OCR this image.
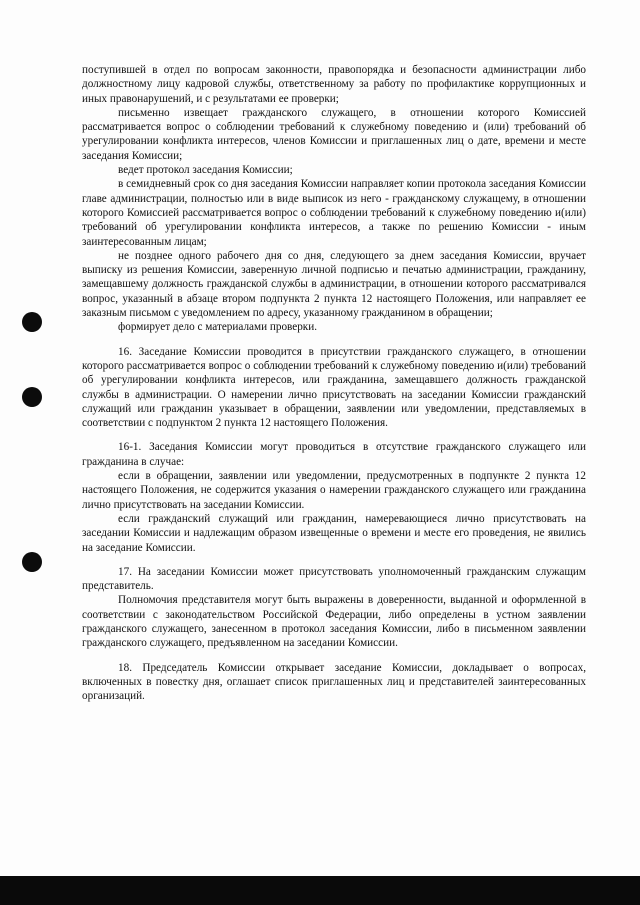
поступившей в отдел по вопросам законности, правопорядка и безопасности администрации либо должностному лицу кадровой службы, ответственному за работу по профилактике коррупционных и иных правонарушений, и с результатами ее проверки;

письменно извещает гражданского служащего, в отношении которого Комиссией рассматривается вопрос о соблюдении требований к служебному поведению и (или) требований об урегулировании конфликта интересов, членов Комиссии и приглашенных лиц о дате, времени и месте заседания Комиссии;

ведет протокол заседания Комиссии;

в семидневный срок со дня заседания Комиссии направляет копии протокола заседания Комиссии главе администрации, полностью или в виде выписок из него - гражданскому служащему, в отношении которого Комиссией рассматривается вопрос о соблюдении требований к служебному поведению и(или) требований об урегулировании конфликта интересов, а также по решению Комиссии - иным заинтересованным лицам;

не позднее одного рабочего дня со дня, следующего за днем заседания Комиссии, вручает выписку из решения Комиссии, заверенную личной подписью и печатью администрации, гражданину, замещавшему должность гражданской службы в администрации, в отношении которого рассматривался вопрос, указанный в абзаце втором подпункта 2 пункта 12 настоящего Положения, или направляет ее заказным письмом с уведомлением по адресу, указанному гражданином в обращении;

формирует дело с материалами проверки.

16. Заседание Комиссии проводится в присутствии гражданского служащего, в отношении которого рассматривается вопрос о соблюдении требований к служебному поведению и(или) требований об урегулировании конфликта интересов, или гражданина, замещавшего должность гражданской службы в администрации. О намерении лично присутствовать на заседании Комиссии гражданский служащий или гражданин указывает в обращении, заявлении или уведомлении, представляемых в соответствии с подпунктом 2 пункта 12 настоящего Положения.

16-1. Заседания Комиссии могут проводиться в отсутствие гражданского служащего или гражданина в случае:

если в обращении, заявлении или уведомлении, предусмотренных в подпункте 2 пункта 12 настоящего Положения, не содержится указания о намерении гражданского служащего или гражданина лично присутствовать на заседании Комиссии.

если гражданский служащий или гражданин, намеревающиеся лично присутствовать на заседании Комиссии и надлежащим образом извещенные о времени и месте его проведения, не явились на заседание Комиссии.

17. На заседании Комиссии может присутствовать уполномоченный гражданским служащим представитель.

Полномочия представителя могут быть выражены в доверенности, выданной и оформленной в соответствии с законодательством Российской Федерации, либо определены в устном заявлении гражданского служащего, занесенном в протокол заседания Комиссии, либо в письменном заявлении гражданского служащего, предъявленном на заседании Комиссии.

18. Председатель Комиссии открывает заседание Комиссии, докладывает о вопросах, включенных в повестку дня, оглашает список приглашенных лиц и представителей заинтересованных организаций.
